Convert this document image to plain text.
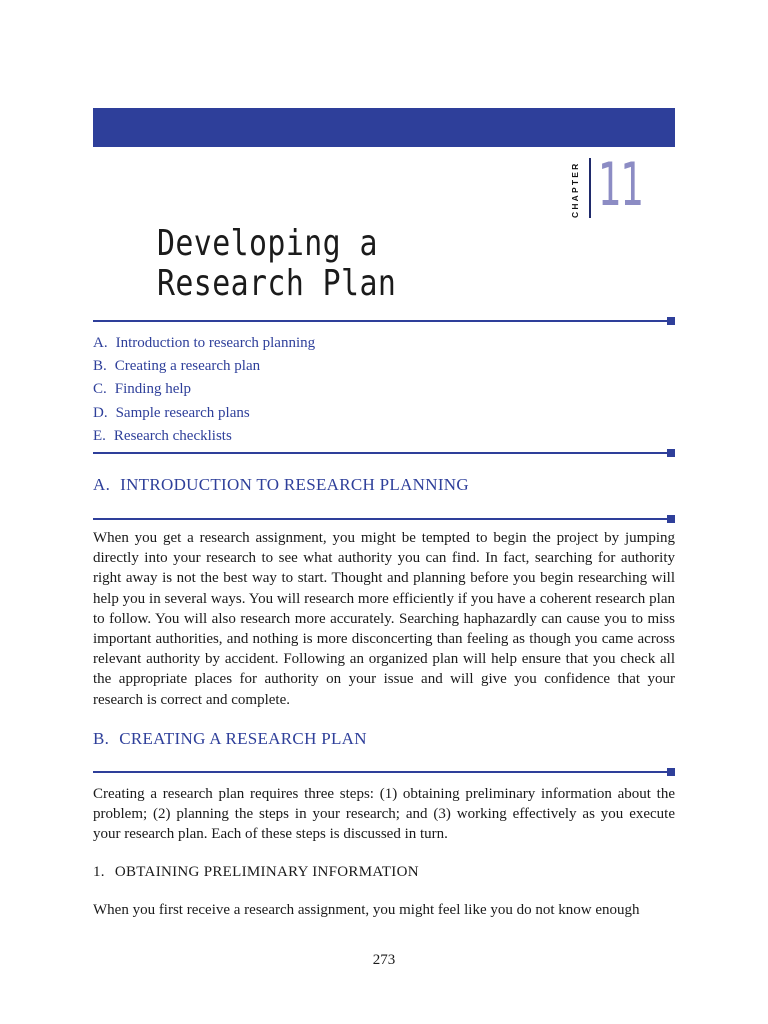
CHAPTER 11
Developing a
Research Plan
A. Introduction to research planning
B. Creating a research plan
C. Finding help
D. Sample research plans
E. Research checklists
A. INTRODUCTION TO RESEARCH PLANNING

When you get a research assignment, you might be tempted to begin the project by jumping directly into your research to see what authority you can find. In fact, searching for authority right away is not the best way to start. Thought and planning before you begin researching will help you in several ways. You will research more efficiently if you have a coherent research plan to follow. You will also research more accurately. Searching haphazardly can cause you to miss important authorities, and nothing is more disconcerting than feeling as though you came across relevant authority by accident. Following an organized plan will help ensure that you check all the appropriate places for authority on your issue and will give you confidence that your research is correct and complete.

B. CREATING A RESEARCH PLAN

Creating a research plan requires three steps: (1) obtaining preliminary information about the problem; (2) planning the steps in your research; and (3) working effectively as you execute your research plan. Each of these steps is discussed in turn.

1. OBTAINING PRELIMINARY INFORMATION

When you first receive a research assignment, you might feel like you do not know enough

273
